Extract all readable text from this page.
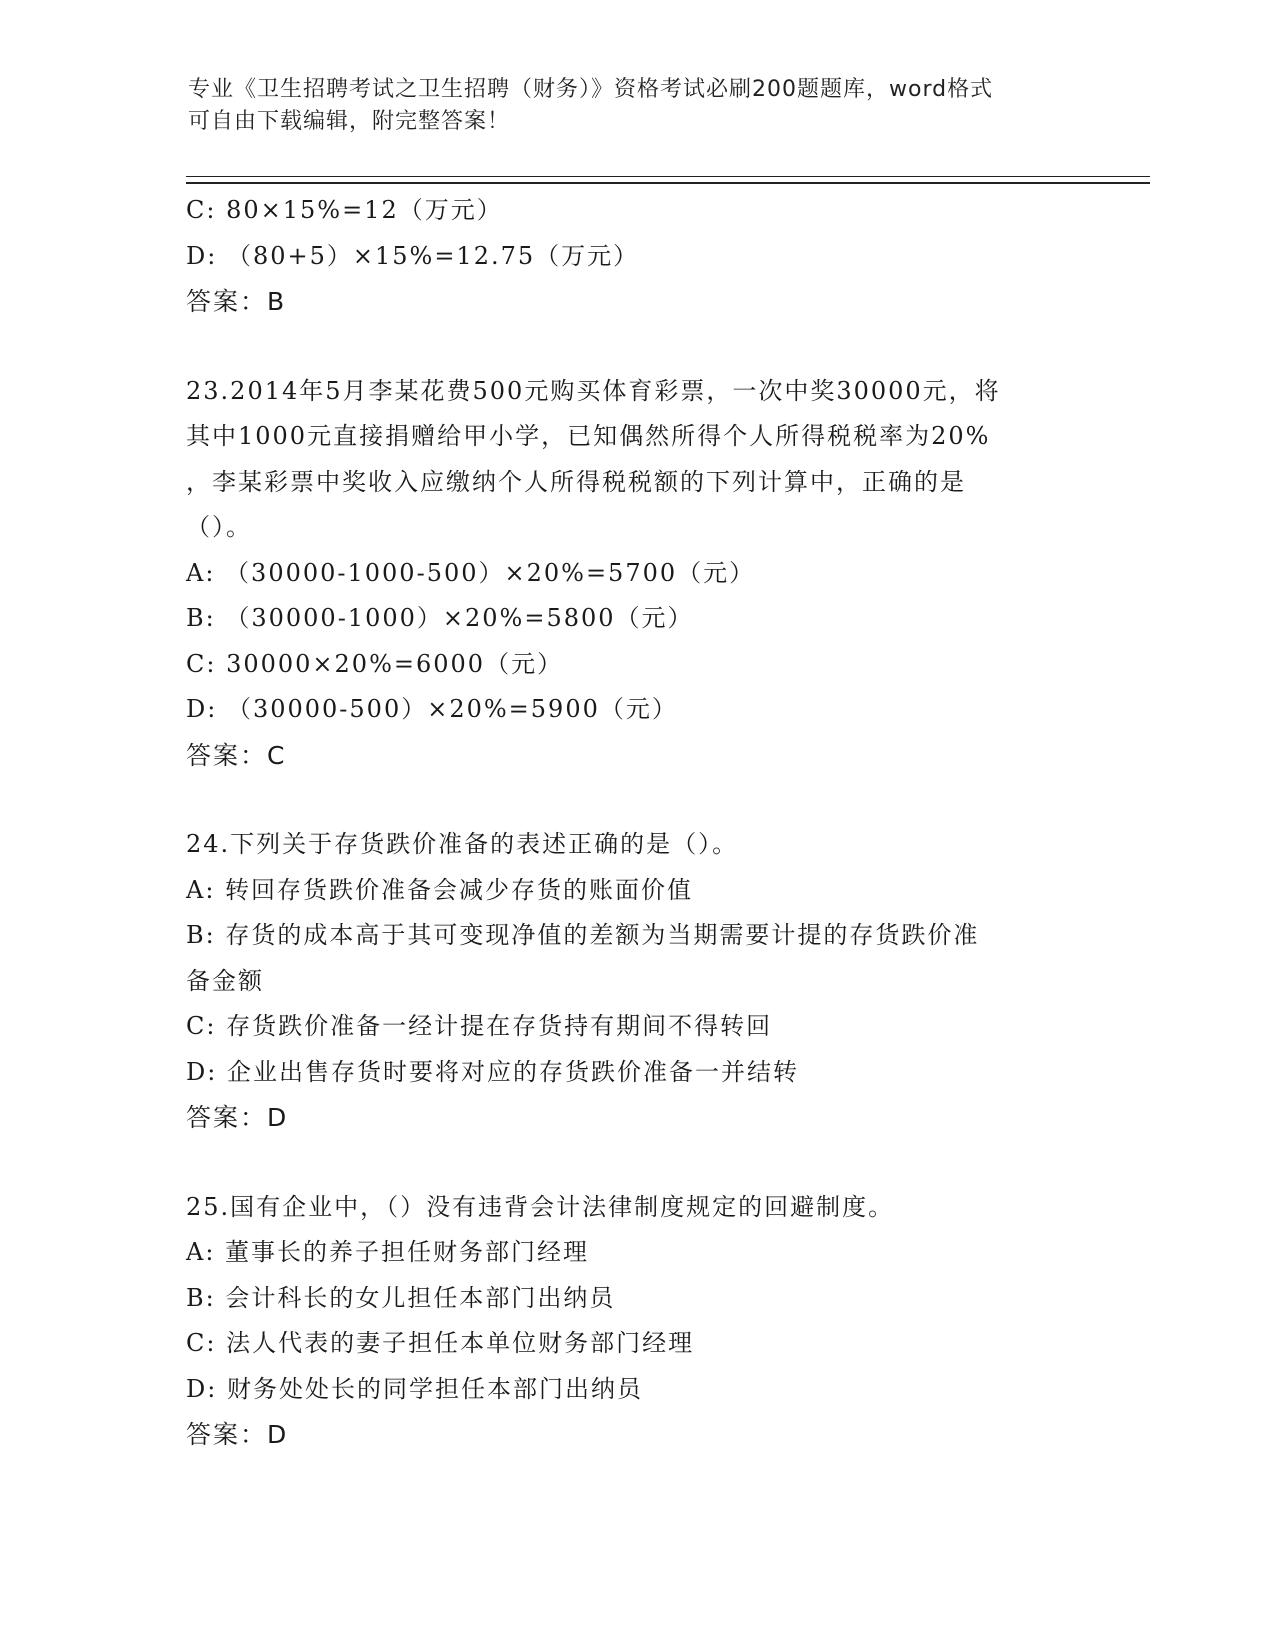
专业《卫生招聘考试之卫生招聘（财务）》资格考试必刷200题题库，word格式
可自由下载编辑，附完整答案！
C: 80×15%=12（万元）
D: （80+5）×15%=12.75（万元）
答案：B
23.2014年5月李某花费500元购买体育彩票，一次中奖30000元，将
其中1000元直接捐赠给甲小学，已知偶然所得个人所得税税率为20%
，李某彩票中奖收入应缴纳个人所得税税额的下列计算中，正确的是
（）。
A: （30000-1000-500）×20%=5700（元）
B: （30000-1000）×20%=5800（元）
C: 30000×20%=6000（元）
D: （30000-500）×20%=5900（元）
答案：C
24.下列关于存货跌价准备的表述正确的是（）。
A: 转回存货跌价准备会减少存货的账面价值
B: 存货的成本高于其可变现净值的差额为当期需要计提的存货跌价准
备金额
C: 存货跌价准备一经计提在存货持有期间不得转回
D: 企业出售存货时要将对应的存货跌价准备一并结转
答案：D
25.国有企业中，（）没有违背会计法律制度规定的回避制度。
A: 董事长的养子担任财务部门经理
B: 会计科长的女儿担任本部门出纳员
C: 法人代表的妻子担任本单位财务部门经理
D: 财务处处长的同学担任本部门出纳员
答案：D
